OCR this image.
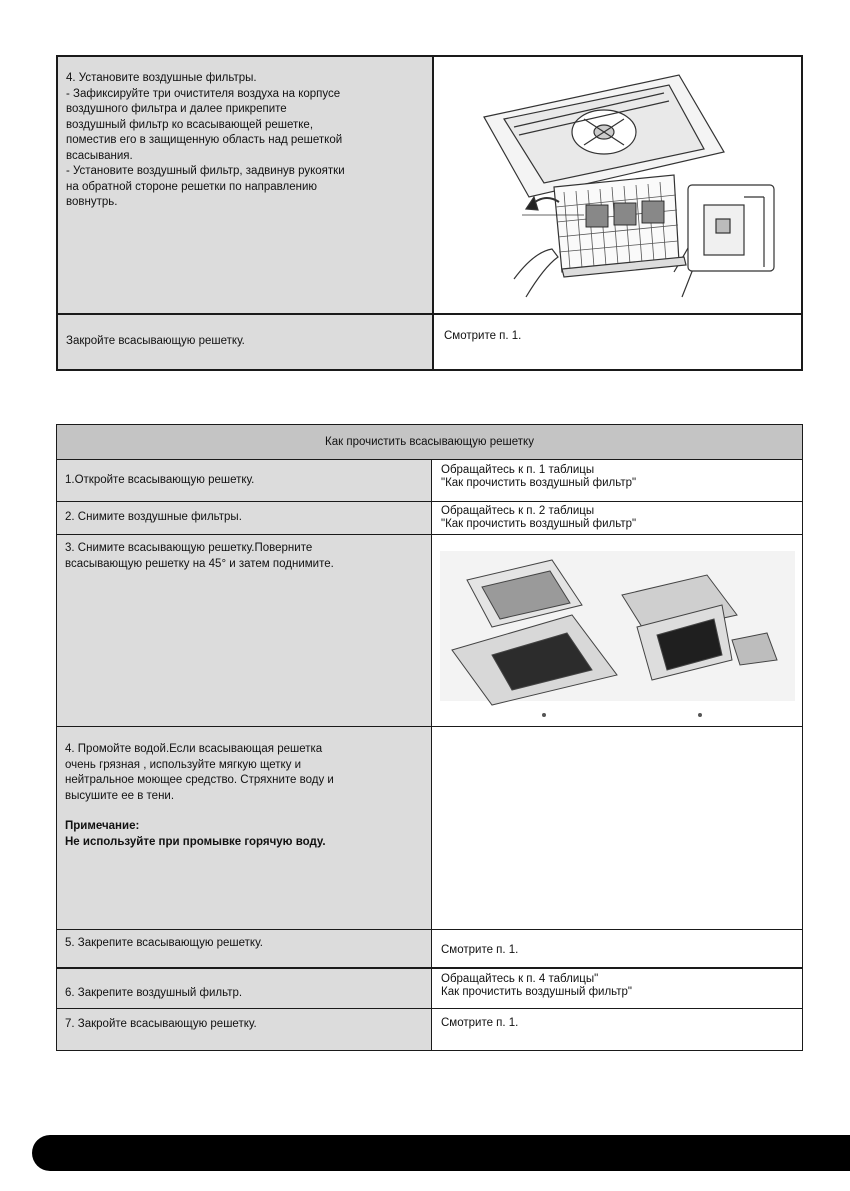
4. Установите воздушные фильтры.

- Зафиксируйте три очистителя воздуха на корпусе

воздушного фильтра и далее прикрепите

воздушный фильтр ко всасывающей решетке,

поместив его в защищенную область над решеткой

всасывания.

- Установите воздушный фильтр, задвинув рукоятки

на обратной стороне решетки по направлению

вовнутрь.

Закройте всасывающую решетку.	Смотрите п. 1.
Как прочистить всасывающую решетку
1.Откройте всасывающую решетку.

Обращайтесь к п. 1 таблицы

"Как прочистить воздушный фильтр"

2. Снимите воздушные фильтры.

Обращайтесь к п. 2 таблицы

"Как прочистить воздушный фильтр"

3. Снимите всасывающую решетку.Поверните

всасывающую решетку на 45° и затем поднимите.

4. Промойте водой.Если всасывающая решетка

очень грязная , используйте мягкую щетку и

нейтральное моющее средство. Стряхните воду и

высушите ее в тени.

Примечание:

Не используйте при промывке горячую воду.

5. Закрепите всасывающую решетку.
Смотрите п. 1.
6. Закрепите воздушный фильтр.

Обращайтесь к п. 4 таблицы"

Как прочистить воздушный фильтр"

7. Закройте всасывающую решетку.	Смотрите п. 1.
